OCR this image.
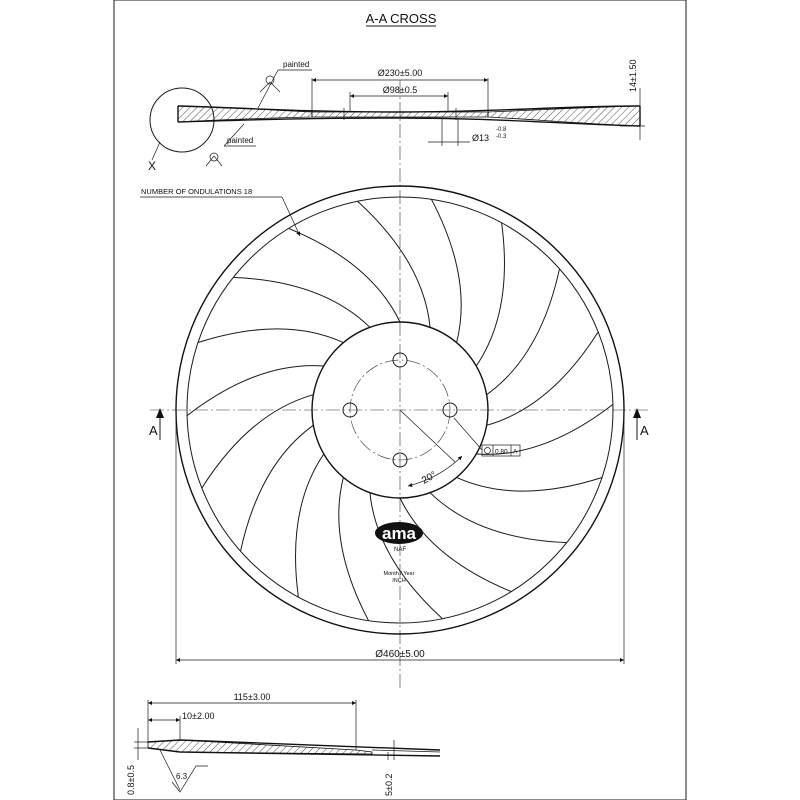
A-A CROSS
Ø230±5.00
Ø98±0.5
Ø13
-0.8
-0.3
14±1.50
X
painted
painted
A	A
NUMBER OF ONDULATIONS 18
20°
0.80 A
ama
NAF
Month / Year
INCH
Ø460±5.00
115±3.00
10±2.00
0.8±0.5	5±0.2
6.3
